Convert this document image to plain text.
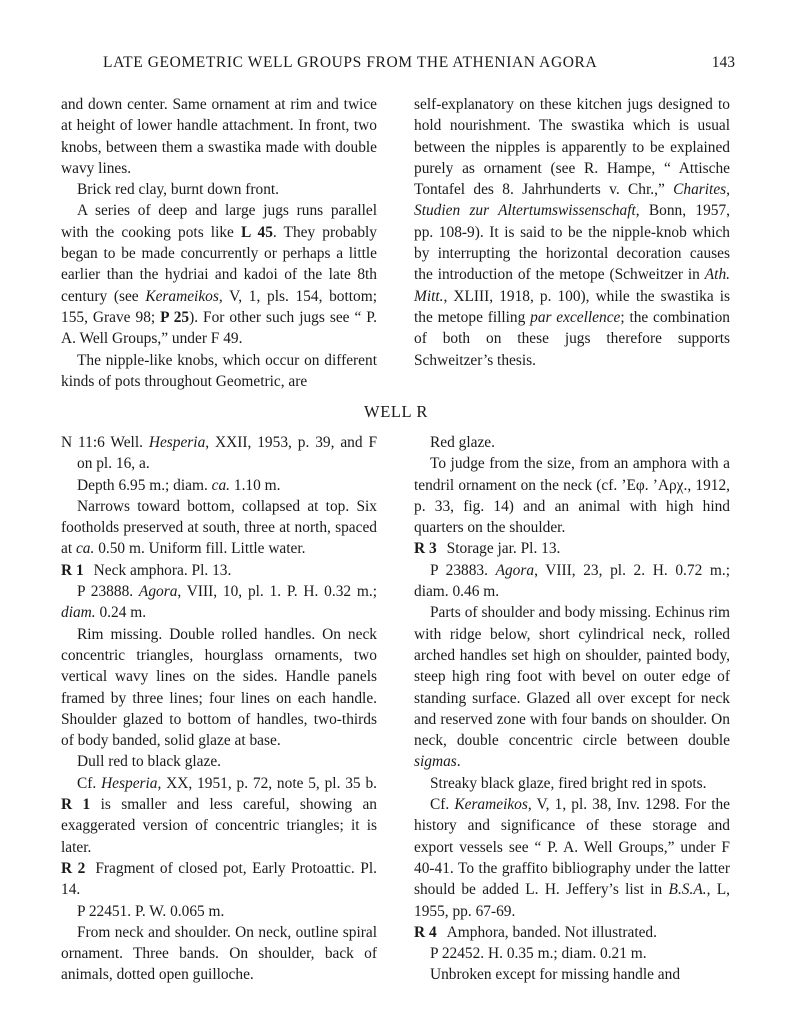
LATE GEOMETRIC WELL GROUPS FROM THE ATHENIAN AGORA	143

and down center. Same ornament at rim and twice at height of lower handle attachment. In front, two knobs, between them a swastika made with double wavy lines.

Brick red clay, burnt down front.

A series of deep and large jugs runs parallel with the cooking pots like L 45. They probably began to be made concurrently or perhaps a little earlier than the hydriai and kadoi of the late 8th century (see Kerameikos, V, 1, pls. 154, bottom; 155, Grave 98; P 25). For other such jugs see “ P. A. Well Groups,” under F 49.

The nipple-like knobs, which occur on different kinds of pots throughout Geometric, are

self-explanatory on these kitchen jugs designed to hold nourishment. The swastika which is usual between the nipples is apparently to be explained purely as ornament (see R. Hampe, “ Attische Tontafel des 8. Jahrhunderts v. Chr.,” Charites, Studien zur Altertumswissenschaft, Bonn, 1957, pp. 108-9). It is said to be the nipple-knob which by interrupting the horizontal decoration causes the introduction of the metope (Schweitzer in Ath. Mitt., XLIII, 1918, p. 100), while the swastika is the metope filling par excellence; the combination of both on these jugs therefore supports Schweitzer’s thesis.

WELL R

N 11:6 Well. Hesperia, XXII, 1953, p. 39, and F on pl. 16, a.

Depth 6.95 m.; diam. ca. 1.10 m.

Narrows toward bottom, collapsed at top. Six footholds preserved at south, three at north, spaced at ca. 0.50 m. Uniform fill. Little water.

R 1 Neck amphora. Pl. 13.

P 23888. Agora, VIII, 10, pl. 1. P. H. 0.32 m.; diam. 0.24 m.

Rim missing. Double rolled handles. On neck concentric triangles, hourglass ornaments, two vertical wavy lines on the sides. Handle panels framed by three lines; four lines on each handle. Shoulder glazed to bottom of handles, two-thirds of body banded, solid glaze at base.

Dull red to black glaze.

Cf. Hesperia, XX, 1951, p. 72, note 5, pl. 35 b. R 1 is smaller and less careful, showing an exaggerated version of concentric triangles; it is later.

R 2 Fragment of closed pot, Early Protoattic. Pl. 14.

P 22451. P. W. 0.065 m.

From neck and shoulder. On neck, outline spiral ornament. Three bands. On shoulder, back of animals, dotted open guilloche.

Red glaze.

To judge from the size, from an amphora with a tendril ornament on the neck (cf. ’Eφ. ’Aρχ., 1912, p. 33, fig. 14) and an animal with high hind quarters on the shoulder.

R 3 Storage jar. Pl. 13.

P 23883. Agora, VIII, 23, pl. 2. H. 0.72 m.; diam. 0.46 m.

Parts of shoulder and body missing. Echinus rim with ridge below, short cylindrical neck, rolled arched handles set high on shoulder, painted body, steep high ring foot with bevel on outer edge of standing surface. Glazed all over except for neck and reserved zone with four bands on shoulder. On neck, double concentric circle between double sigmas.

Streaky black glaze, fired bright red in spots.

Cf. Kerameikos, V, 1, pl. 38, Inv. 1298. For the history and significance of these storage and export vessels see “ P. A. Well Groups,” under F 40-41. To the graffito bibliography under the latter should be added L. H. Jeffery’s list in B.S.A., L, 1955, pp. 67-69.

R 4 Amphora, banded. Not illustrated.

P 22452. H. 0.35 m.; diam. 0.21 m.

Unbroken except for missing handle and
